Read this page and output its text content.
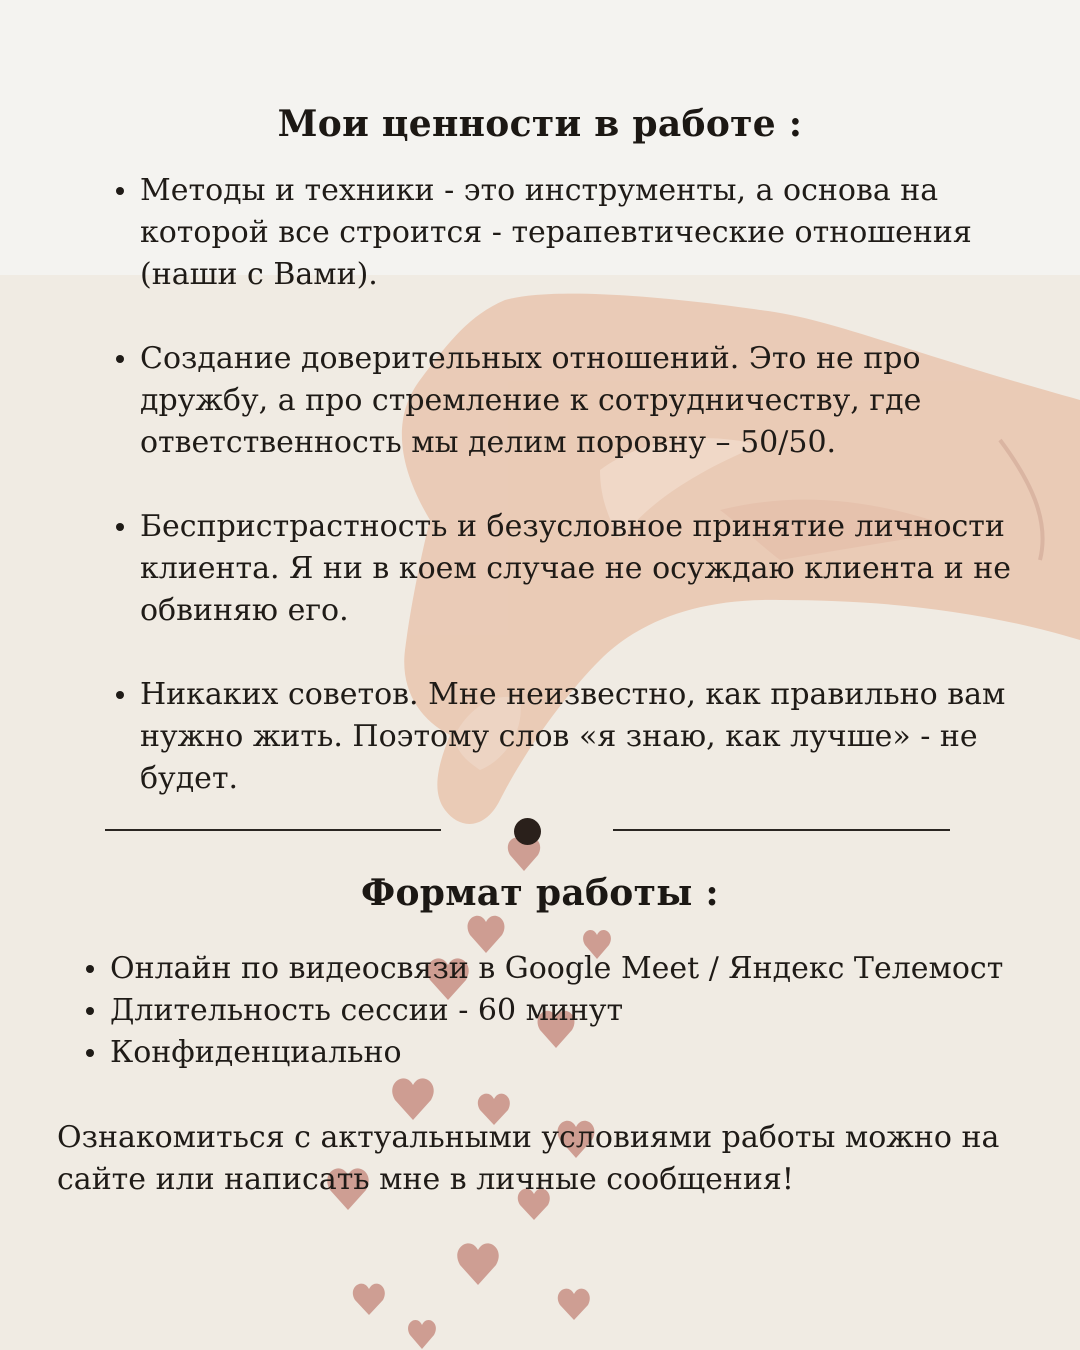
Мои ценности в работе :
Методы и техники - это инструменты, а основа на которой все строится - терапевтические отношения (наши с Вами).
Создание доверительных отношений. Это не про дружбу, а про стремление к сотрудничеству, где ответственность мы делим поровну – 50/50.
Беспристрастность и безусловное принятие личности клиента. Я ни в коем случае не осуждаю клиента и не обвиняю его.
Никаких советов. Мне неизвестно, как правильно вам нужно жить. Поэтому слов «я знаю, как лучше» - не будет.
Формат работы :
Онлайн по видеосвязи в Google Meet / Яндекс Телемост
Длительность сессии - 60 минут
Конфиденциально

Ознакомиться с актуальными условиями работы можно на сайте или написать мне в личные сообщения!
